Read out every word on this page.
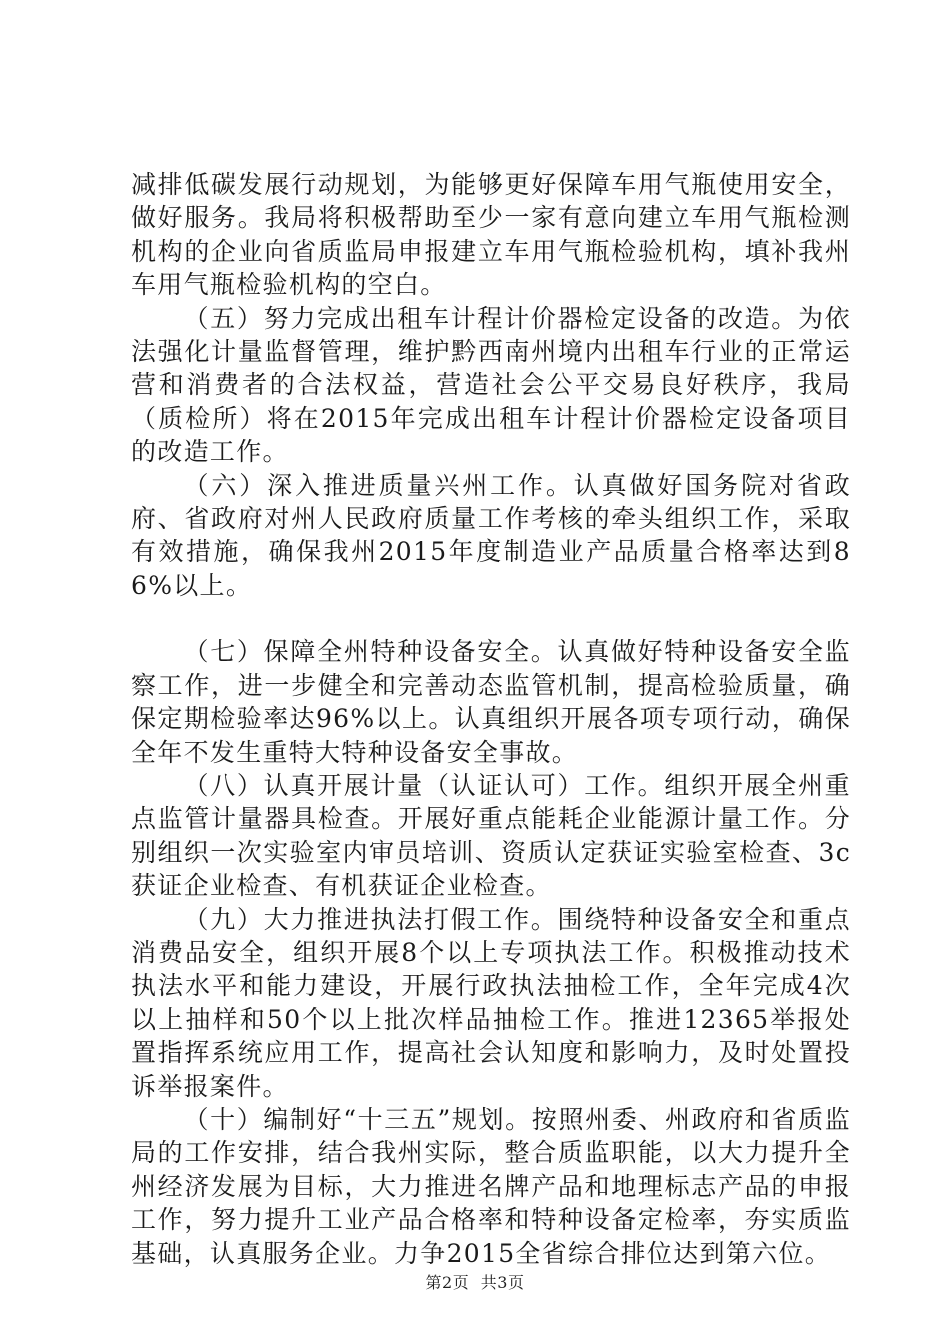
减排低碳发展行动规划，为能够更好保障车用气瓶使用安全，做好服务。我局将积极帮助至少一家有意向建立车用气瓶检测机构的企业向省质监局申报建立车用气瓶检验机构，填补我州车用气瓶检验机构的空白。

（五）努力完成出租车计程计价器检定设备的改造。为依法强化计量监督管理，维护黔西南州境内出租车行业的正常运营和消费者的合法权益，营造社会公平交易良好秩序，我局（质检所）将在2015年完成出租车计程计价器检定设备项目的改造工作。

（六）深入推进质量兴州工作。认真做好国务院对省政府、省政府对州人民政府质量工作考核的牵头组织工作，采取有效措施，确保我州2015年度制造业产品质量合格率达到86%以上。

（七）保障全州特种设备安全。认真做好特种设备安全监察工作，进一步健全和完善动态监管机制，提高检验质量，确保定期检验率达96%以上。认真组织开展各项专项行动，确保全年不发生重特大特种设备安全事故。

（八）认真开展计量（认证认可）工作。组织开展全州重点监管计量器具检查。开展好重点能耗企业能源计量工作。分别组织一次实验室内审员培训、资质认定获证实验室检查、3c获证企业检查、有机获证企业检查。

（九）大力推进执法打假工作。围绕特种设备安全和重点消费品安全，组织开展8个以上专项执法工作。积极推动技术执法水平和能力建设，开展行政执法抽检工作，全年完成4次以上抽样和50个以上批次样品抽检工作。推进12365举报处置指挥系统应用工作，提高社会认知度和影响力，及时处置投诉举报案件。

（十）编制好“十三五”规划。按照州委、州政府和省质监局的工作安排，结合我州实际，整合质监职能，以大力提升全州经济发展为目标，大力推进名牌产品和地理标志产品的申报工作，努力提升工业产品合格率和特种设备定检率，夯实质监基础，认真服务企业。力争2015全省综合排位达到第六位。

第2页 共3页
